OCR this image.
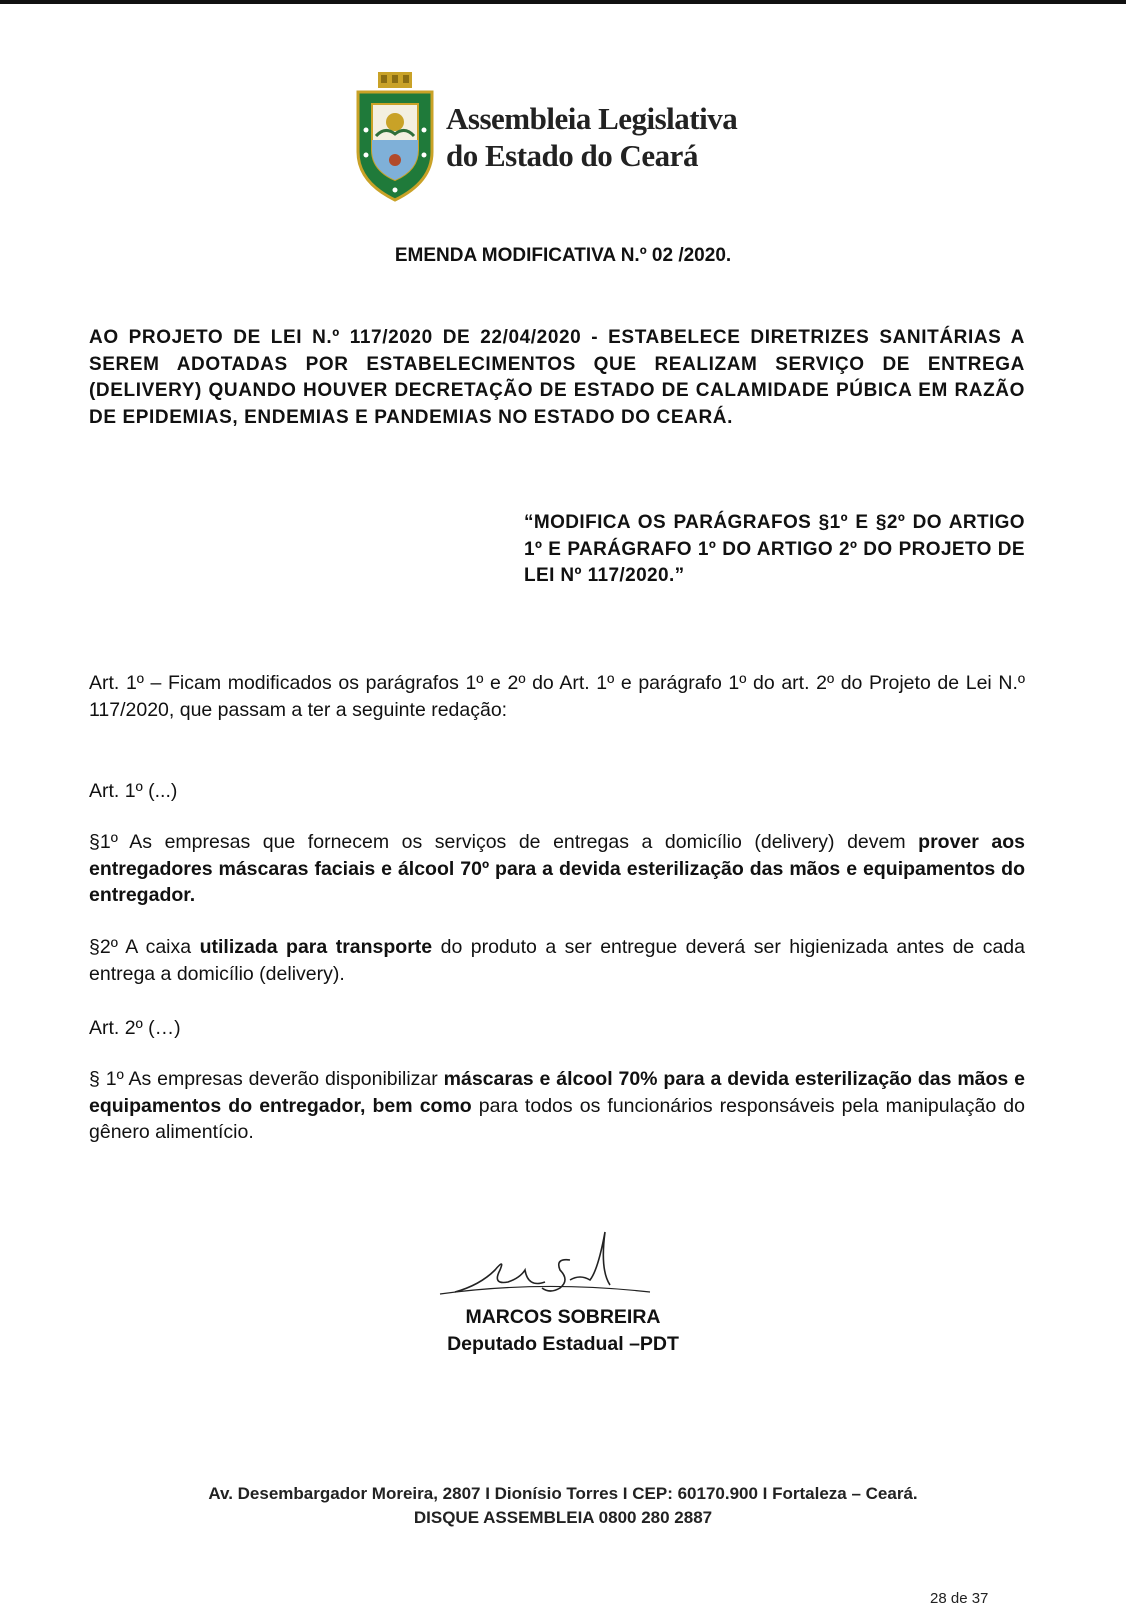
Assembleia Legislativa
do Estado do Ceará
EMENDA MODIFICATIVA N.º 02 /2020.
AO PROJETO DE LEI N.º 117/2020 DE 22/04/2020 - ESTABELECE DIRETRIZES SANITÁRIAS A SEREM ADOTADAS POR ESTABELECIMENTOS QUE REALIZAM SERVIÇO DE ENTREGA (DELIVERY) QUANDO HOUVER DECRETAÇÃO DE ESTADO DE CALAMIDADE PÚBICA EM RAZÃO DE EPIDEMIAS, ENDEMIAS E PANDEMIAS NO ESTADO DO CEARÁ.
“MODIFICA OS PARÁGRAFOS §1º E §2º DO ARTIGO 1º E PARÁGRAFO 1º DO ARTIGO 2º DO PROJETO DE LEI Nº 117/2020.”
Art. 1º – Ficam modificados os parágrafos 1º e 2º do Art. 1º e parágrafo 1º do art. 2º do Projeto de Lei N.º 117/2020, que passam a ter a seguinte redação:
Art. 1º (...)
§1º As empresas que fornecem os serviços de entregas a domicílio (delivery) devem prover aos entregadores máscaras faciais e álcool 70º para a devida esterilização das mãos e equipamentos do entregador.
§2º A caixa utilizada para transporte do produto a ser entregue deverá ser higienizada antes de cada entrega a domicílio (delivery).
Art. 2º (…)
§ 1º As empresas deverão disponibilizar máscaras e álcool 70% para a devida esterilização das mãos e equipamentos do entregador, bem como para todos os funcionários responsáveis pela manipulação do gênero alimentício.
MARCOS SOBREIRA
Deputado Estadual –PDT
Av. Desembargador Moreira, 2807 I Dionísio Torres I CEP: 60170.900 I Fortaleza – Ceará.
DISQUE ASSEMBLEIA 0800 280 2887
28 de 37
